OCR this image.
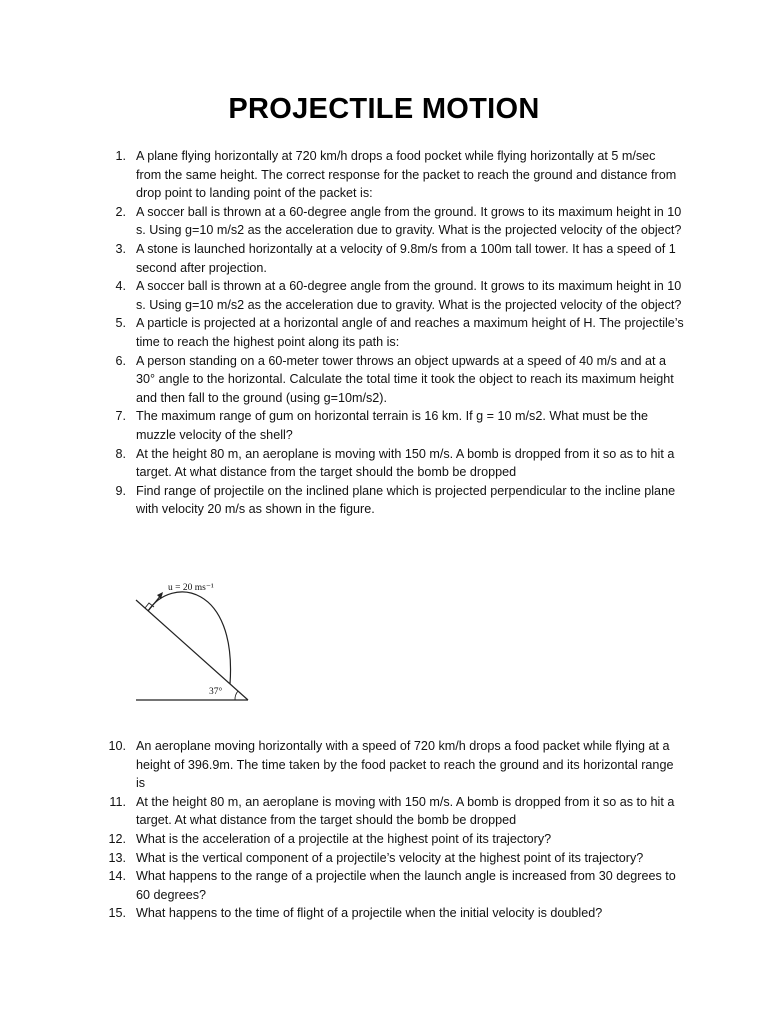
PROJECTILE MOTION
1. A plane flying horizontally at 720 km/h drops a food pocket while flying horizontally at 5 m/sec from the same height. The correct response for the packet to reach the ground and distance from drop point to landing point of the packet is:
2. A soccer ball is thrown at a 60-degree angle from the ground. It grows to its maximum height in 10 s. Using g=10 m/s2 as the acceleration due to gravity. What is the projected velocity of the object?
3. A stone is launched horizontally at a velocity of 9.8m/s from a 100m tall tower. It has a speed of 1 second after projection.
4. A soccer ball is thrown at a 60-degree angle from the ground. It grows to its maximum height in 10 s. Using g=10 m/s2 as the acceleration due to gravity. What is the projected velocity of the object?
5. A particle is projected at a horizontal angle of and reaches a maximum height of H. The projectile’s time to reach the highest point along its path is:
6. A person standing on a 60-meter tower throws an object upwards at a speed of 40 m/s and at a 30° angle to the horizontal. Calculate the total time it took the object to reach its maximum height and then fall to the ground (using g=10m/s2).
7. The maximum range of gum on horizontal terrain is 16 km. If g = 10 m/s2. What must be the muzzle velocity of the shell?
8. At the height 80 m, an aeroplane is moving with 150 m/s. A bomb is dropped from it so as to hit a target. At what distance from the target should the bomb be dropped
9. Find range of projectile on the inclined plane which is projected perpendicular to the incline plane with velocity 20 m/s as shown in the figure.
u = 20 ms⁻¹
37°
10. An aeroplane moving horizontally with a speed of 720 km/h drops a food packet while flying at a height of 396.9m. The time taken by the food packet to reach the ground and its horizontal range is
11. At the height 80 m, an aeroplane is moving with 150 m/s. A bomb is dropped from it so as to hit a target. At what distance from the target should the bomb be dropped
12. What is the acceleration of a projectile at the highest point of its trajectory?
13. What is the vertical component of a projectile’s velocity at the highest point of its trajectory?
14. What happens to the range of a projectile when the launch angle is increased from 30 degrees to 60 degrees?
15. What happens to the time of flight of a projectile when the initial velocity is doubled?
